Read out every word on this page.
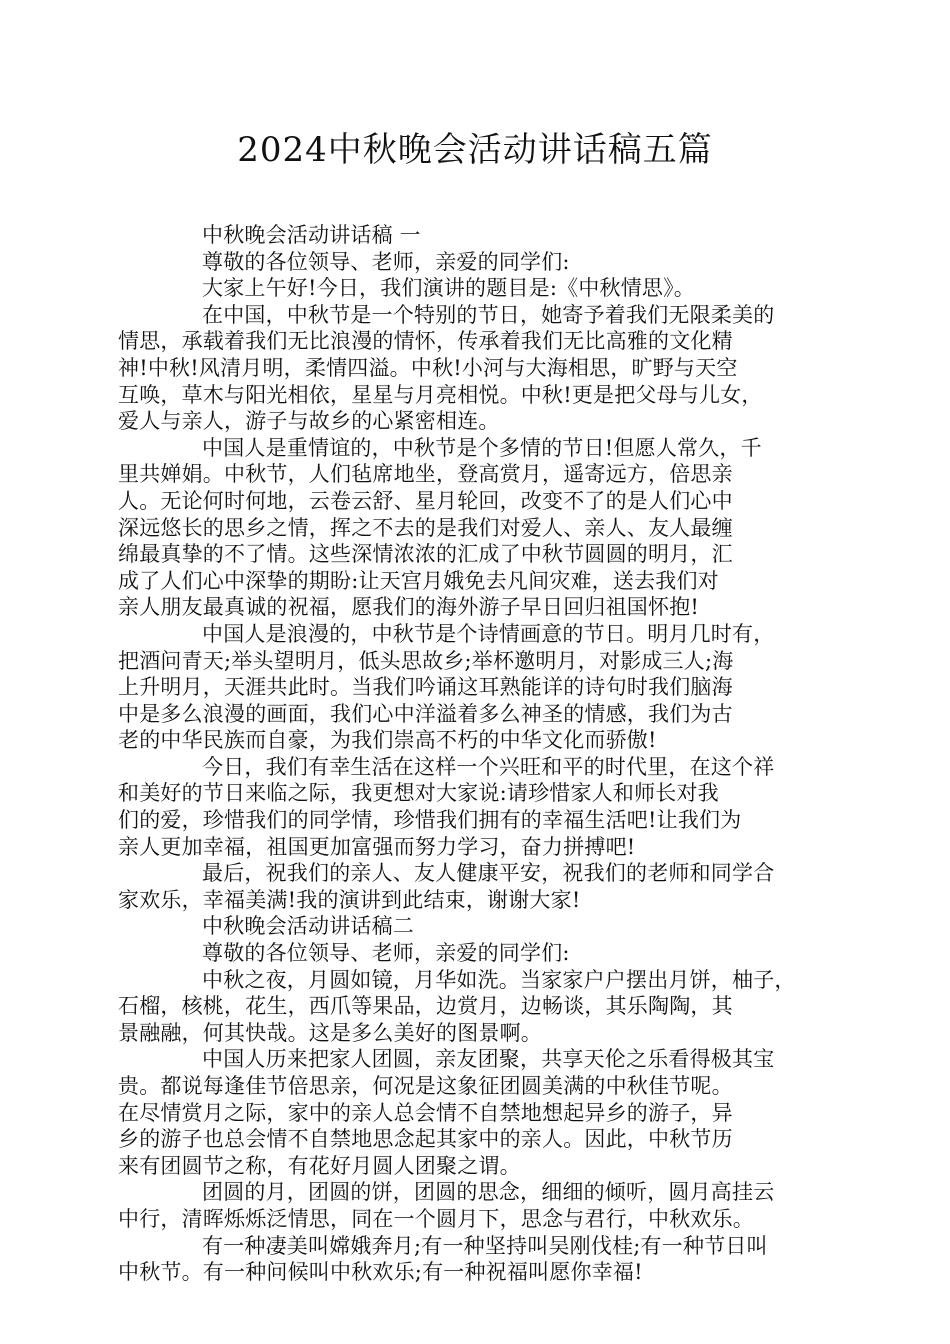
2024中秋晚会活动讲话稿五篇
中秋晚会活动讲话稿 一
尊敬的各位领导、老师，亲爱的同学们:
大家上午好!今日，我们演讲的题目是:《中秋情思》。
在中国，中秋节是一个特别的节日，她寄予着我们无限柔美的
情思，承载着我们无比浪漫的情怀，传承着我们无比高雅的文化精
神!中秋!风清月明，柔情四溢。中秋!小河与大海相思，旷野与天空
互唤，草木与阳光相依，星星与月亮相悦。中秋!更是把父母与儿女，
爱人与亲人，游子与故乡的心紧密相连。
中国人是重情谊的，中秋节是个多情的节日!但愿人常久，千
里共婵娟。中秋节，人们毡席地坐，登高赏月，遥寄远方，倍思亲
人。无论何时何地，云卷云舒、星月轮回，改变不了的是人们心中
深远悠长的思乡之情，挥之不去的是我们对爱人、亲人、友人最缠
绵最真挚的不了情。这些深情浓浓的汇成了中秋节圆圆的明月，汇
成了人们心中深挚的期盼:让天宫月娥免去凡间灾难，送去我们对
亲人朋友最真诚的祝福，愿我们的海外游子早日回归祖国怀抱!
中国人是浪漫的，中秋节是个诗情画意的节日。明月几时有，
把酒问青天;举头望明月，低头思故乡;举杯邀明月，对影成三人;海
上升明月，天涯共此时。当我们吟诵这耳熟能详的诗句时我们脑海
中是多么浪漫的画面，我们心中洋溢着多么神圣的情感，我们为古
老的中华民族而自豪，为我们崇高不朽的中华文化而骄傲!
今日，我们有幸生活在这样一个兴旺和平的时代里，在这个祥
和美好的节日来临之际，我更想对大家说:请珍惜家人和师长对我
们的爱，珍惜我们的同学情，珍惜我们拥有的幸福生活吧!让我们为
亲人更加幸福，祖国更加富强而努力学习，奋力拼搏吧!
最后，祝我们的亲人、友人健康平安，祝我们的老师和同学合
家欢乐，幸福美满!我的演讲到此结束，谢谢大家!
中秋晚会活动讲话稿二
尊敬的各位领导、老师，亲爱的同学们:
中秋之夜，月圆如镜，月华如洗。当家家户户摆出月饼，柚子，
石榴，核桃，花生，西爪等果品，边赏月，边畅谈，其乐陶陶，其
景融融，何其快哉。这是多么美好的图景啊。
中国人历来把家人团圆，亲友团聚，共享天伦之乐看得极其宝
贵。都说每逢佳节倍思亲，何况是这象征团圆美满的中秋佳节呢。
在尽情赏月之际，家中的亲人总会情不自禁地想起异乡的游子，异
乡的游子也总会情不自禁地思念起其家中的亲人。因此，中秋节历
来有团圆节之称，有花好月圆人团聚之谓。
团圆的月，团圆的饼，团圆的思念，细细的倾听，圆月高挂云
中行，清晖烁烁泛情思，同在一个圆月下，思念与君行，中秋欢乐。
有一种凄美叫嫦娥奔月;有一种坚持叫吴刚伐桂;有一种节日叫
中秋节。有一种问候叫中秋欢乐;有一种祝福叫愿你幸福!
